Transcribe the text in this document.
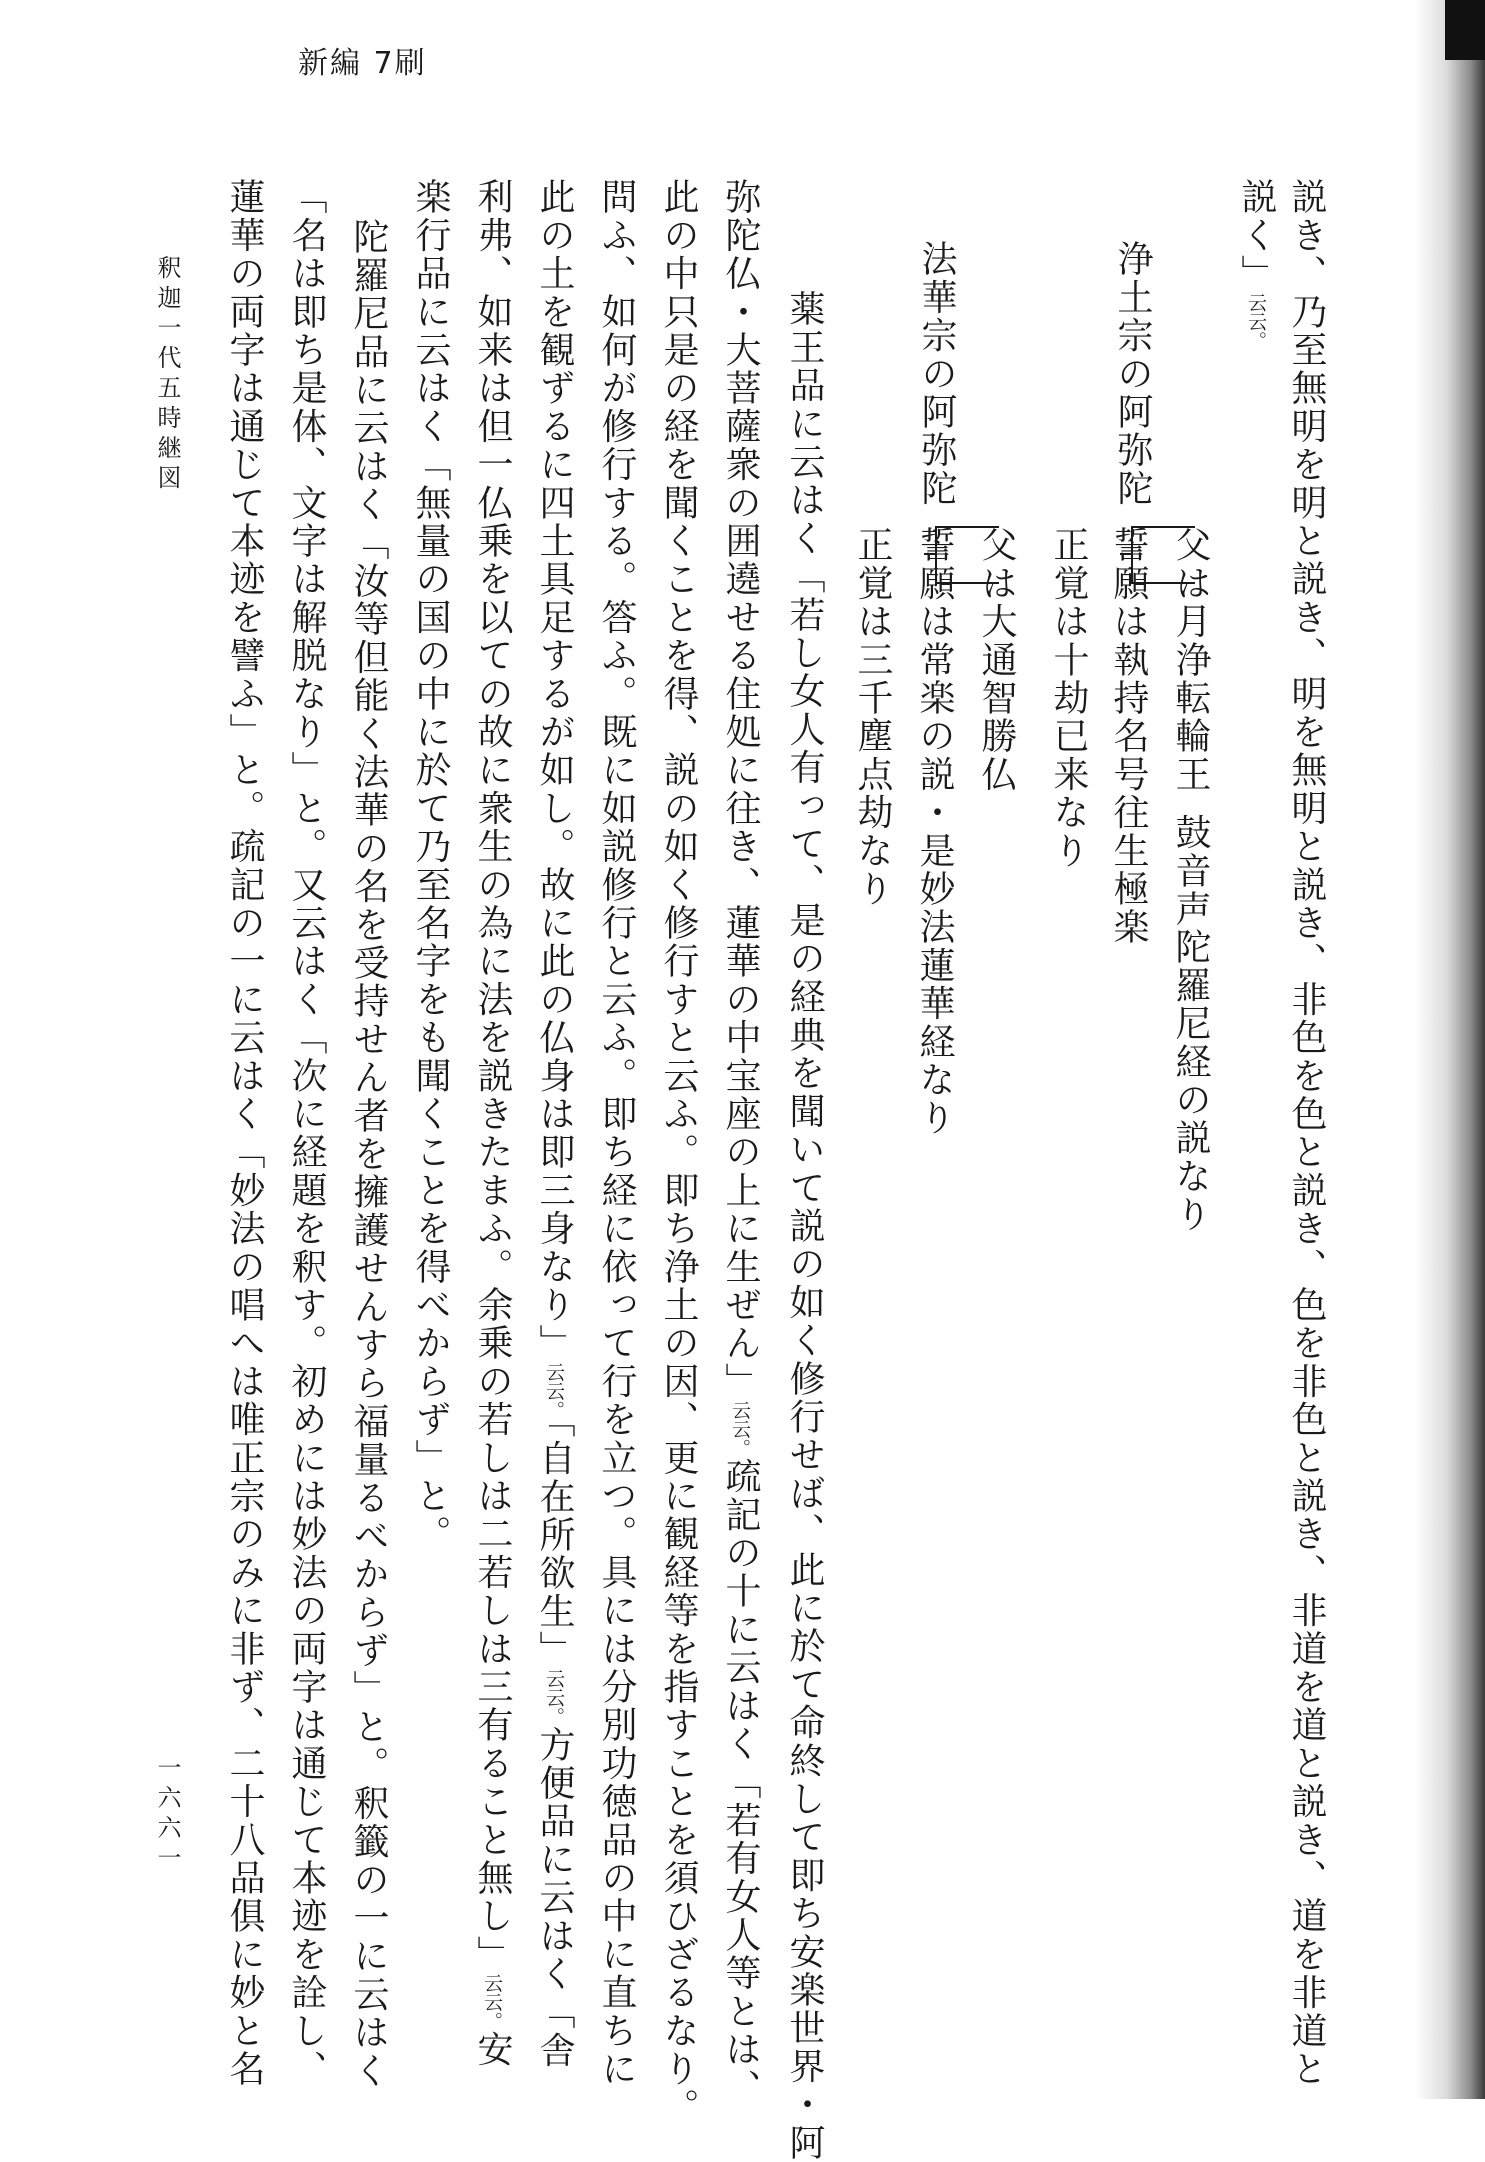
新編 7刷
説き、乃至無明を明と説き、明を無明と説き、非色を色と説き、色を非色と説き、非道を道と説き、道を非道と
説く」云云。
浄土宗の阿弥陀
父は月浄転輪王鼓音声陀羅尼経の説なり
誓願は執持名号往生極楽
正覚は十劫已来なり
法華宗の阿弥陀
父は大通智勝仏
誓願は常楽の説・是妙法蓮華経なり
正覚は三千塵点劫なり
薬王品に云はく「若し女人有って、是の経典を聞いて説の如く修行せば、此に於て命終して即ち安楽世界・阿
弥陀仏・大菩薩衆の囲遶せる住処に往き、蓮華の中宝座の上に生ぜん」云云。疏記の十に云はく「若有女人等とは、
此の中只是の経を聞くことを得、説の如く修行すと云ふ。即ち浄土の因、更に観経等を指すことを須ひざるなり。
問ふ、如何が修行する。答ふ。既に如説修行と云ふ。即ち経に依って行を立つ。具には分別功徳品の中に直ちに
此の土を観ずるに四土具足するが如し。故に此の仏身は即三身なり」云云。「自在所欲生」云云。方便品に云はく「舎
利弗、如来は但一仏乗を以ての故に衆生の為に法を説きたまふ。余乗の若しは二若しは三有ること無し」云云。安
楽行品に云はく「無量の国の中に於て乃至名字をも聞くことを得べからず」と。
陀羅尼品に云はく「汝等但能く法華の名を受持せん者を擁護せんすら福量るべからず」と。釈籤の一に云はく
「名は即ち是体、文字は解脱なり」と。又云はく「次に経題を釈す。初めには妙法の両字は通じて本迹を詮し、
蓮華の両字は通じて本迹を譬ふ」と。疏記の一に云はく「妙法の唱へは唯正宗のみに非ず、二十八品俱に妙と名
釈迦一代五時継図
一六六一
